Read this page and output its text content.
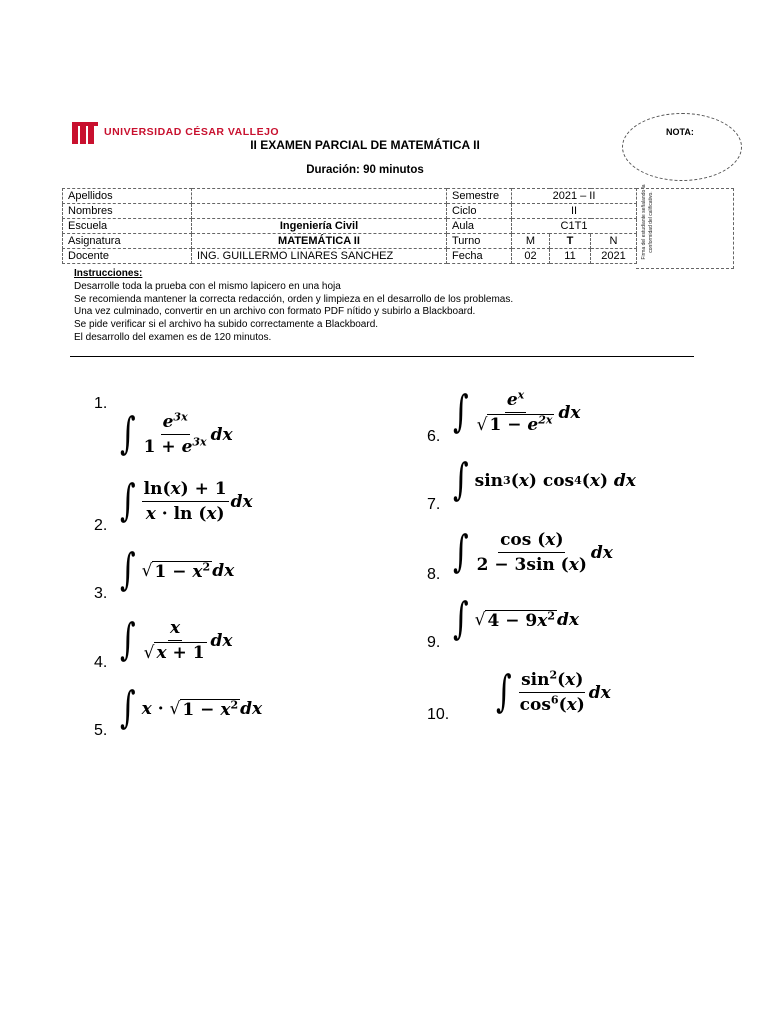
UNIVERSIDAD CÉSAR VALLEJO
II EXAMEN PARCIAL DE MATEMÁTICA II
Duración: 90 minutos
NOTA:
Apellidos		Semestre	2021 – II		
Nombres		Ciclo	II		
Escuela	Ingeniería Civil	Aula	C1T1		
Asignatura	MATEMÁTICA II	Turno	M	T	N
Docente	ING. GUILLERMO LINARES SANCHEZ	Fecha	02	11	2021	Firma del estudiante señalando la conformidad del calificativo.
Instrucciones:
Desarrolle toda la prueba con el mismo lapicero en una hoja
Se recomienda mantener la correcta redacción, orden y limpieza en el desarrollo de los problemas.
Una vez culminado, convertir en un archivo con formato PDF nítido y subirlo a Blackboard.
Se pide verificar si el archivo ha subido correctamente a Blackboard.
El desarrollo del examen es de 120 minutos.
1.
2.
3.
4.
5.
6.
7.
8.
9.
10.
∫ $\frac{e^{3x}}{1 + e^{3x}}$ dx
∫ $\frac{\ln(x) + 1}{x \cdot \ln (x)}$ dx
∫ √ $1 - x^2$ dx
∫ $\frac{x}{√ x + 1}$ dx
∫ x · √ $1 - x^2$ dx
∫ $\frac{e^x}{√ 1 - e^{2x}}$ dx
∫ sin 3 ( x ) cos 4 ( x ) dx
∫ $\frac{\cos (x)}{2 - 3\sin (x)}$ dx
∫ √ $4 - 9x^2$ dx
∫ $\frac{\sin^2(x)}{\cos^6(x)}$ dx
